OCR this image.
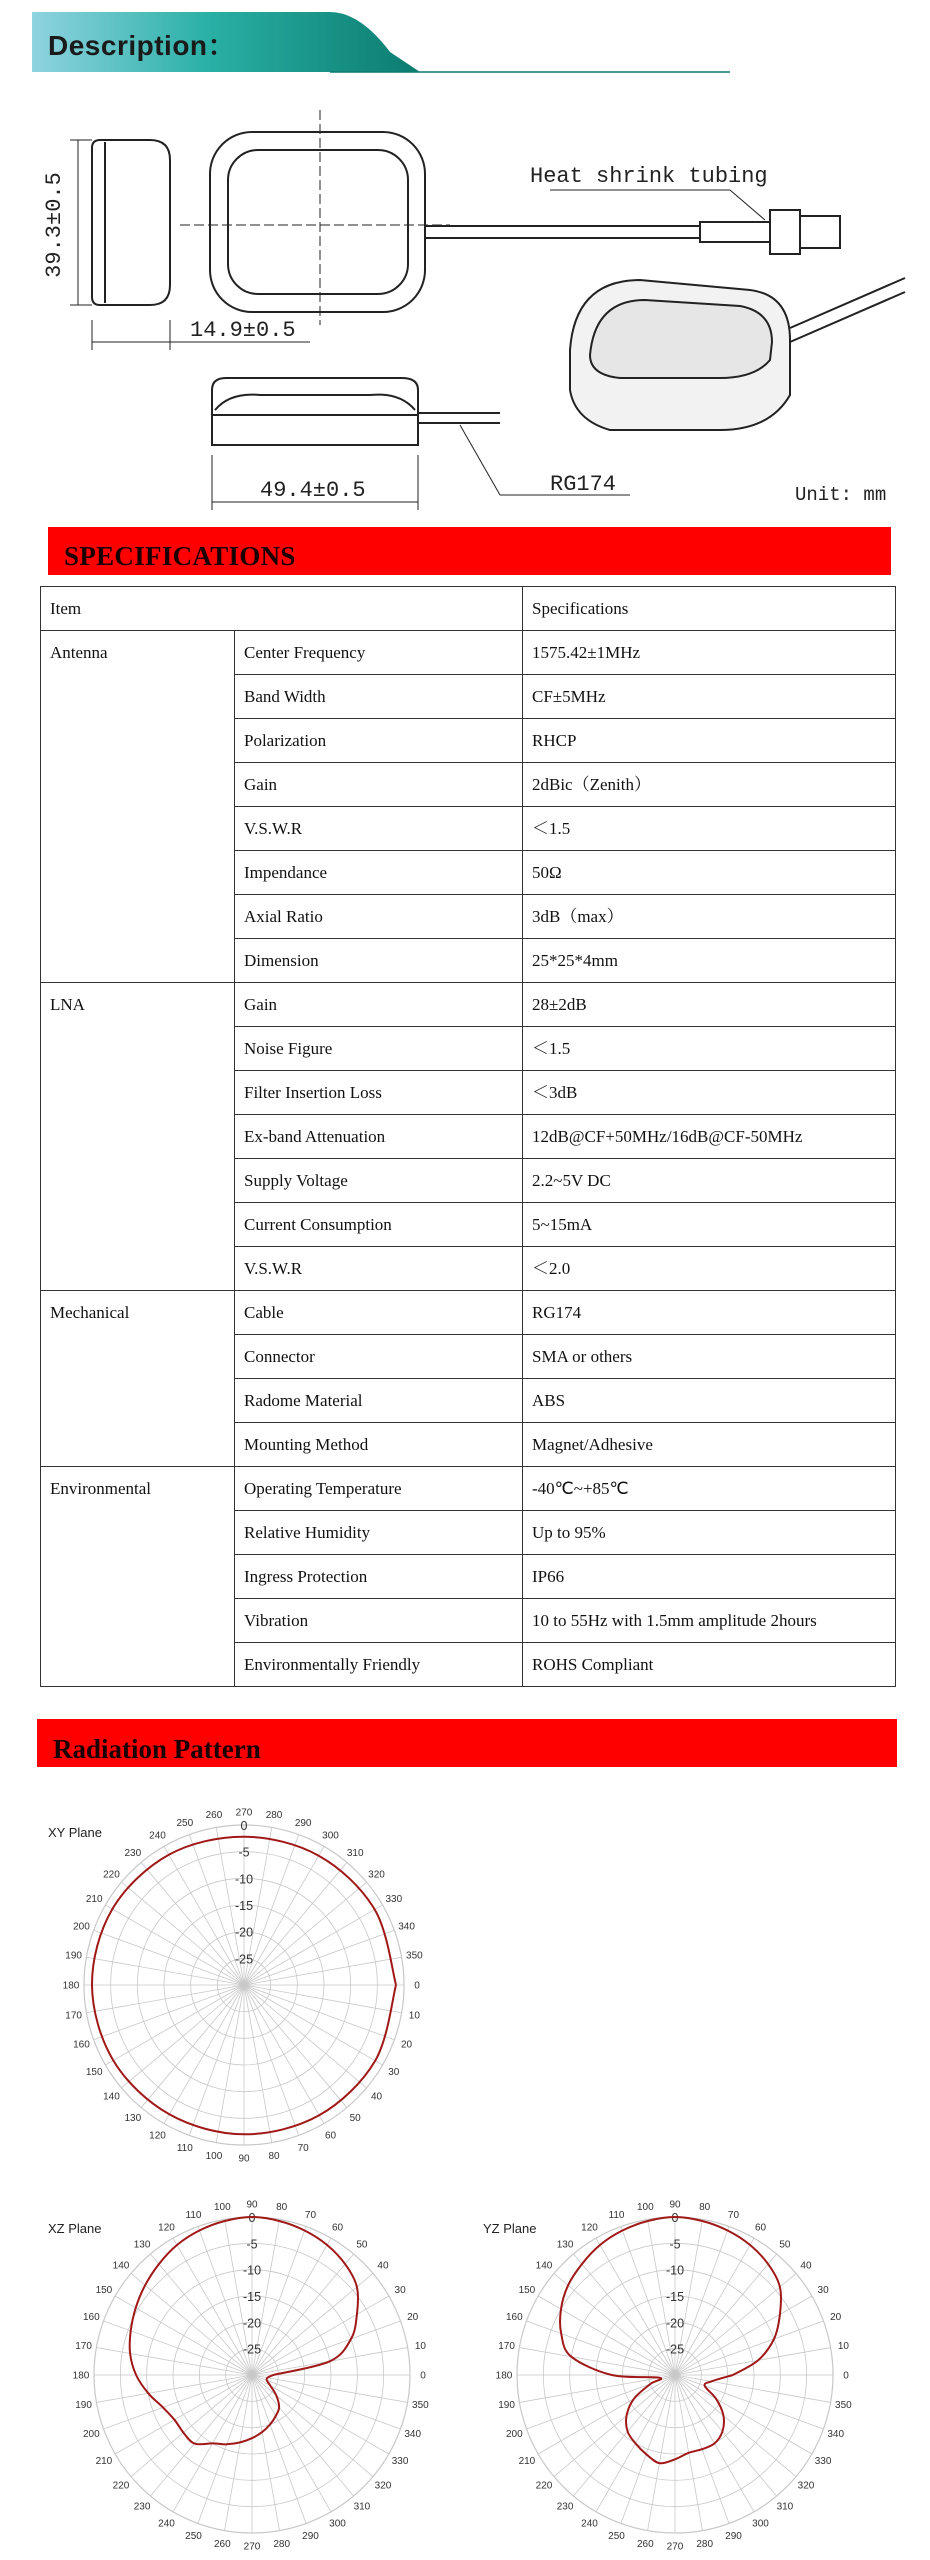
Description：
39.3±0.5
14.9±0.5
49.4±0.5
Heat shrink tubing
RG174	Unit: mm
SPECIFICATIONS
Item		Specifications
Antenna	Center Frequency	1575.42±1MHz
	Band Width	CF±5MHz
	Polarization	RHCP
	Gain	2dBic（Zenith）
	V.S.W.R	＜1.5
	Impendance	50Ω
	Axial Ratio	3dB（max）
	Dimension	25*25*4mm
LNA	Gain	28±2dB
	Noise Figure	＜1.5
	Filter Insertion Loss	＜3dB
	Ex-band Attenuation	12dB@CF+50MHz/16dB@CF-50MHz
	Supply Voltage	2.2~5V DC
	Current Consumption	5~15mA
	V.S.W.R	＜2.0
Mechanical	Cable	RG174
	Connector	SMA or others
	Radome Material	ABS
	Mounting Method	Magnet/Adhesive
Environmental	Operating Temperature	-40℃~+85℃
	Relative Humidity	Up to 95%
	Ingress Protection	IP66
	Vibration	10 to 55Hz with 1.5mm amplitude 2hours
	Environmentally Friendly	ROHS Compliant
Radiation Pattern
0
10
20
30
40
50
60
70
80
90
100
110
120
130
140
150
160
170
180
190
200
210
220
230
240
250
260 270 280
290
300
310
320
330
340
350
0
-5
-10
-15
-20
-25
XY Plane
0
10
20
30
40
50
60
70
80
90
100
110
120
130
140
150
160
170
180
190
200
210
220
230
240
250
260 270 280
290
300
310
320
330
340
350
0
-5
-10
-15
-20
-25
XZ Plane
0
10
20
30
40
50
60
70
80
90
100
110
120
130
140
150
160
170
180
190
200
210
220
230
240
250
260 270 280
290
300
310
320
330
340
350
0
-5
-10
-15
-20
-25
YZ Plane
